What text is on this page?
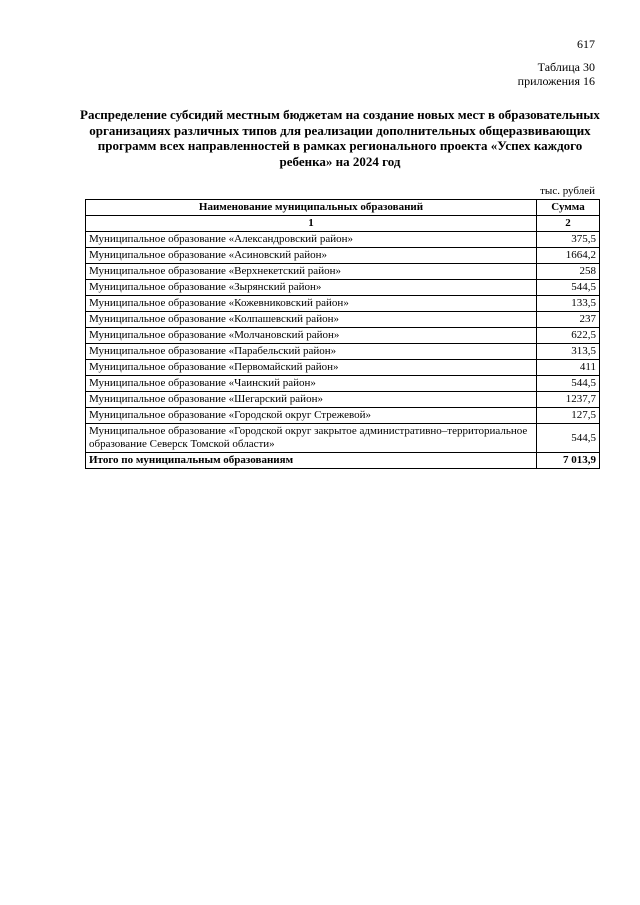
617
Таблица 30
приложения 16
Распределение субсидий местным бюджетам на создание новых мест в образовательных организациях различных типов для реализации дополнительных общеразвивающих программ всех направленностей в рамках регионального проекта «Успех каждого ребенка» на 2024 год
тыс. рублей
Наименование муниципальных образований	Сумма
1	2
Муниципальное образование «Александровский район»	375,5
Муниципальное образование «Асиновский район»	1664,2
Муниципальное образование «Верхнекетский район»	258
Муниципальное образование «Зырянский район»	544,5
Муниципальное образование «Кожевниковский район»	133,5
Муниципальное образование «Колпашевский район»	237
Муниципальное образование «Молчановский район»	622,5
Муниципальное образование «Парабельский район»	313,5
Муниципальное образование «Первомайский район»	411
Муниципальное образование «Чаинский район»	544,5
Муниципальное образование «Шегарский район»	1237,7
Муниципальное образование «Городской округ Стрежевой»	127,5
Муниципальное образование «Городской округ закрытое административно–территориальное образование Северск Томской области»	544,5
Итого по муниципальным образованиям	7 013,9
